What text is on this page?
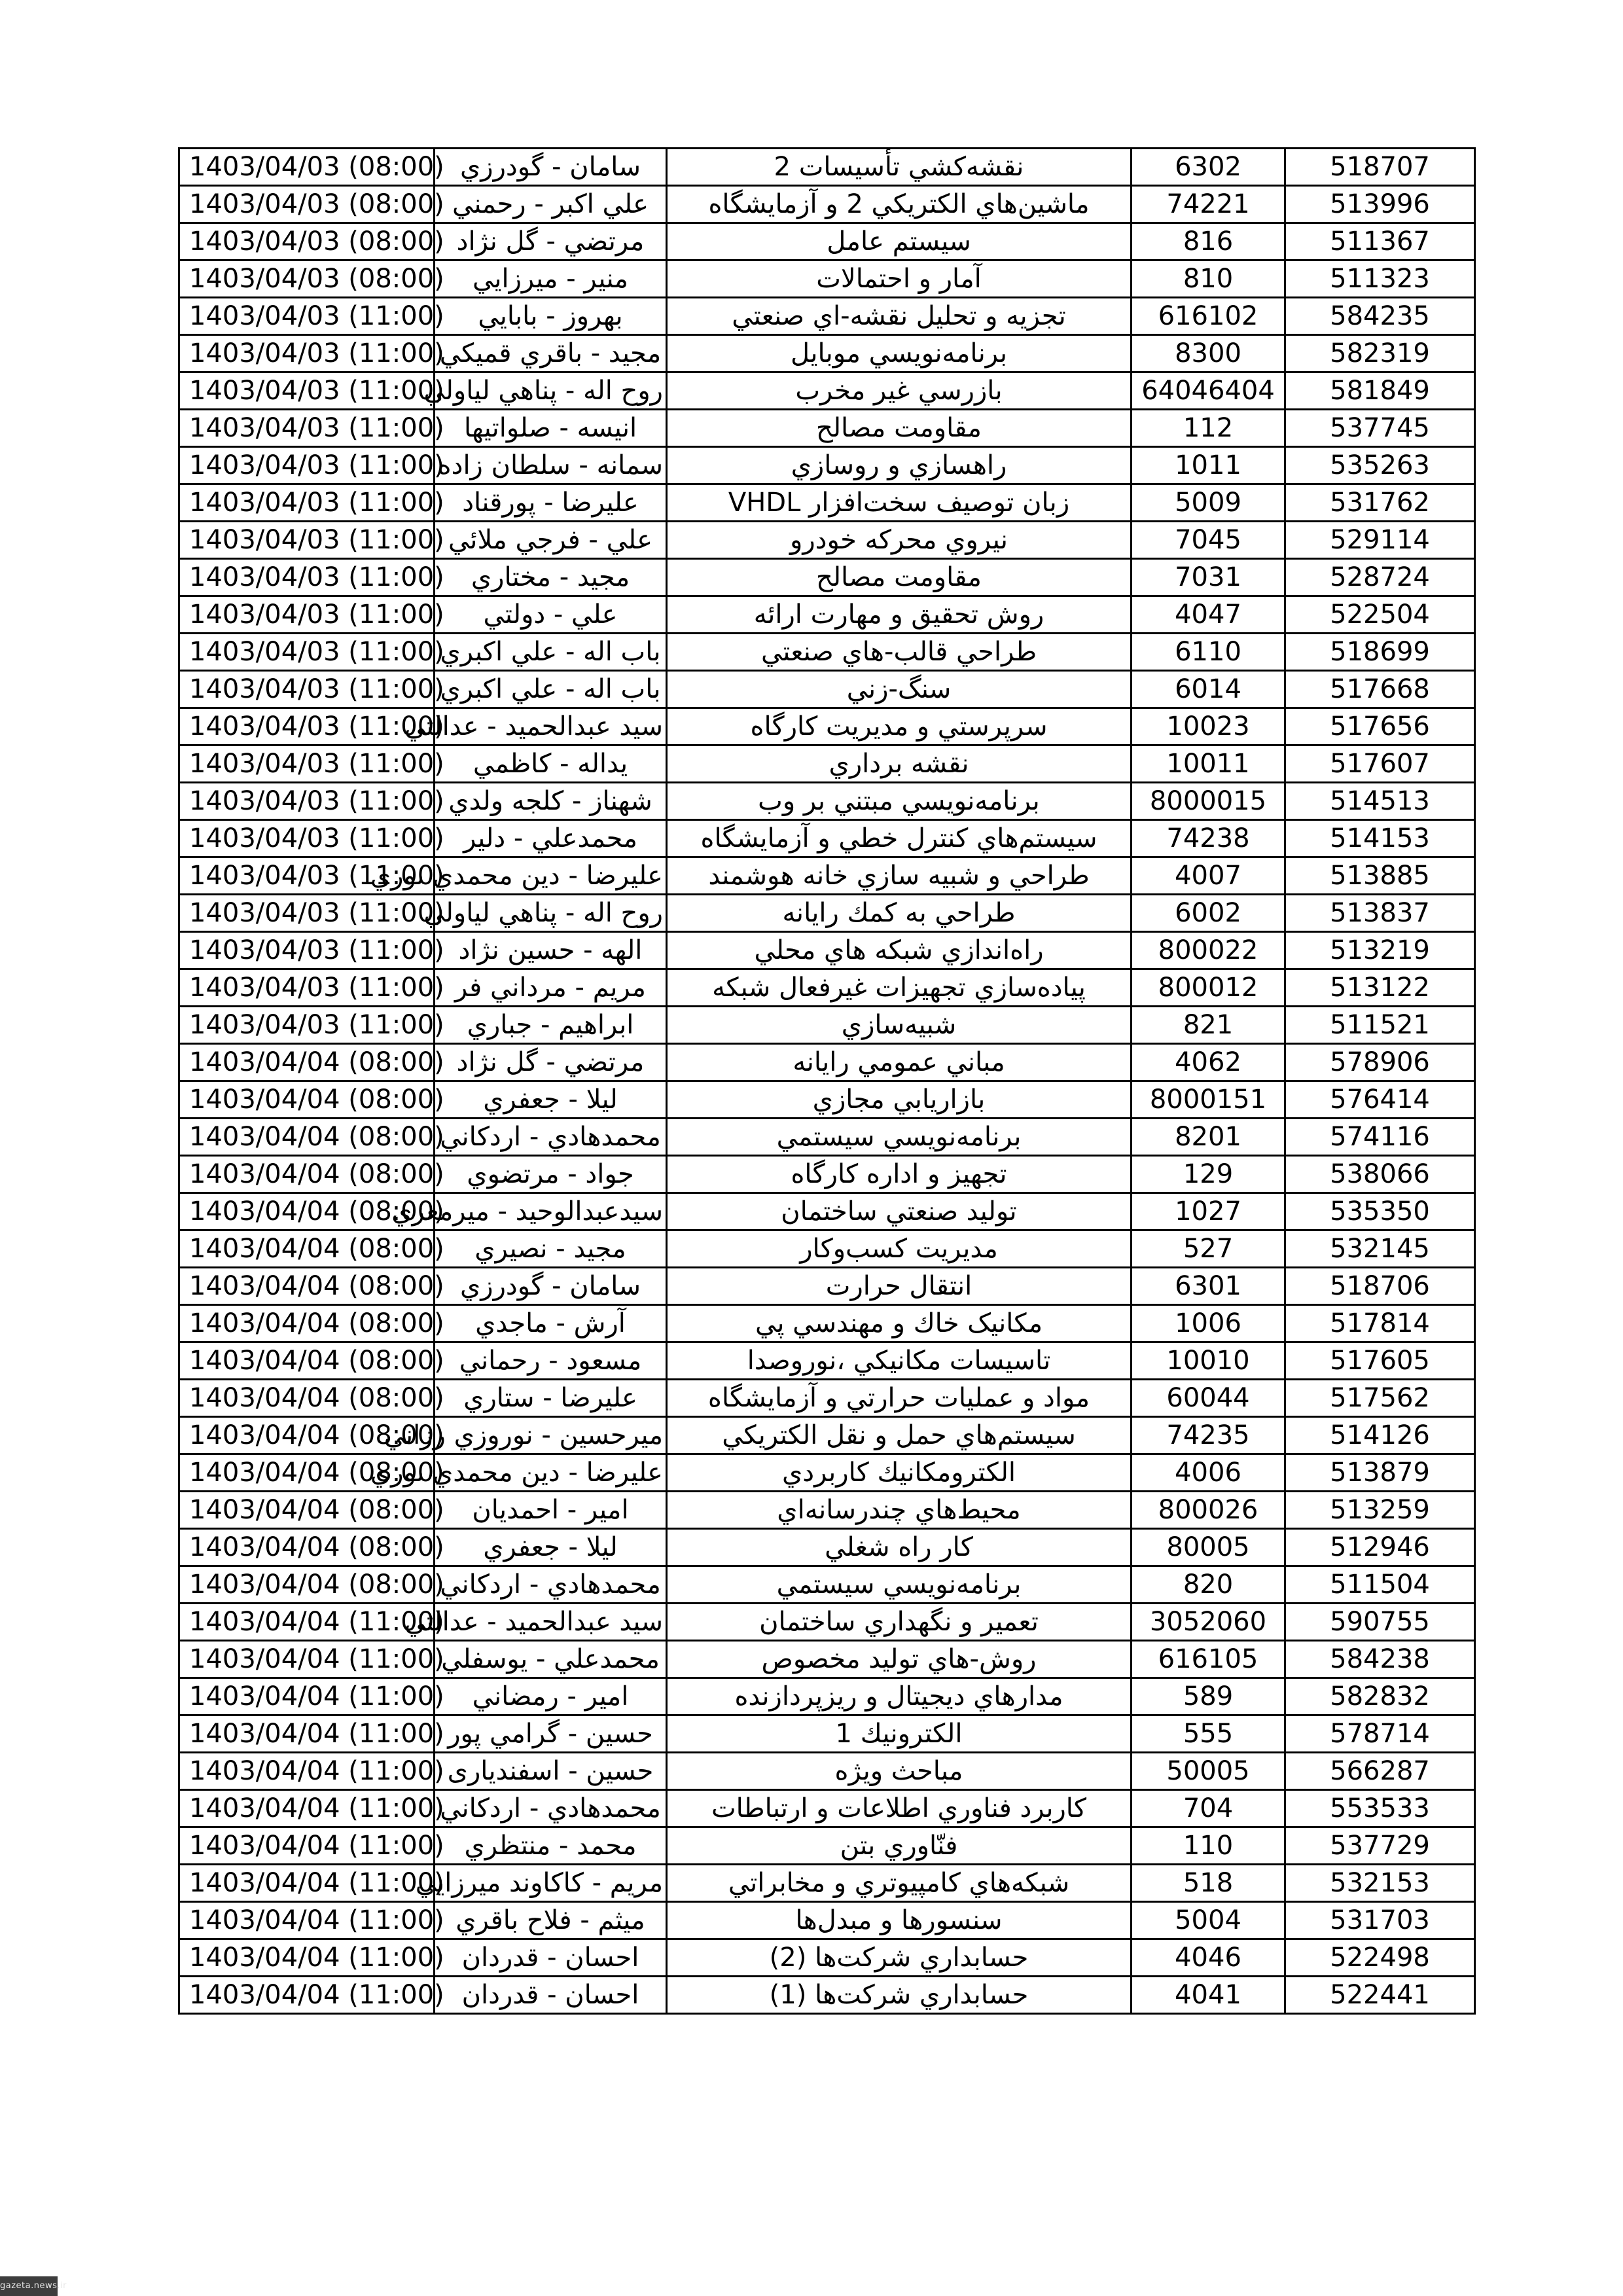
1403/04/03 (08:00)	سامان - گودرزي	نقشه‌کشي تأسيسات 2	6302	518707
1403/04/03 (08:00)	علي اکبر - رحمني	ماشين‌هاي الکتريکي 2 و آزمايشگاه	74221	513996
1403/04/03 (08:00)	مرتضي - گل نژاد	سيستم عامل	816	511367
1403/04/03 (08:00)	منير - ميرزايي	آمار و احتمالات	810	511323
1403/04/03 (11:00)	بهروز - بابايي	تجزيه و تحليل نقشه-اي صنعتي	616102	584235
1403/04/03 (11:00)	مجيد - باقري قميکي	برنامه‌نويسي موبايل	8300	582319
1403/04/03 (11:00)	روح اله - پناهي لياولي	بازرسي غير مخرب	64046404	581849
1403/04/03 (11:00)	انيسه - صلواتيها	مقاومت مصالح	112	537745
1403/04/03 (11:00)	سمانه - سلطان زاده	راهسازي و روسازي	1011	535263
1403/04/03 (11:00)	عليرضا - پورقناد	زبان توصيف سخت‌افزار VHDL	5009	531762
1403/04/03 (11:00)	علي - فرجي ملائي	نيروي محرکه خودرو	7045	529114
1403/04/03 (11:00)	مجيد - مختاري	مقاومت مصالح	7031	528724
1403/04/03 (11:00)	علي - دولتي	روش تحقيق و مهارت ارائه	4047	522504
1403/04/03 (11:00)	باب اله - علي اکبري	طراحي قالب-هاي صنعتي	6110	518699
1403/04/03 (11:00)	باب اله - علي اکبري	سنگ-زني	6014	517668
1403/04/03 (11:00)	سيد عبدالحميد - عدالتي	سرپرستي و مديريت کارگاه	10023	517656
1403/04/03 (11:00)	يداله - کاظمي	نقشه برداري	10011	517607
1403/04/03 (11:00)	شهناز - کلجه ولدي	برنامه‌نويسي مبتني بر وب	8000015	514513
1403/04/03 (11:00)	محمدعلي - دلير	سيستم‌هاي کنترل خطي و آزمايشگاه	74238	514153
1403/04/03 (11:00)	عليرضا - دين محمدي نوري	طراحي و شبيه سازي خانه هوشمند	4007	513885
1403/04/03 (11:00)	روح اله - پناهي لياولي	طراحي به کمك رايانه	6002	513837
1403/04/03 (11:00)	الهه - حسين نژاد	راه‌اندازي شبكه هاي محلي	800022	513219
1403/04/03 (11:00)	مريم - مرداني فر	پياده‌سازي تجهيزات غيرفعال شبکه	800012	513122
1403/04/03 (11:00)	ابراهيم - جباري	شبيه‌سازي	821	511521
1403/04/04 (08:00)	مرتضي - گل نژاد	مباني عمومي رايانه	4062	578906
1403/04/04 (08:00)	ليلا - جعفري	بازاريابي مجازي	8000151	576414
1403/04/04 (08:00)	محمدهادي - اردکاني	برنامه‌نويسي سيستمي	8201	574116
1403/04/04 (08:00)	جواد - مرتضوي	تجهيز و اداره کارگاه	129	538066
1403/04/04 (08:00)	سيدعبدالوحيد - ميرمعزي	توليد صنعتي ساختمان	1027	535350
1403/04/04 (08:00)	مجيد - نصيري	مديريت کسب‌وکار	527	532145
1403/04/04 (08:00)	سامان - گودرزي	انتقال حرارت	6301	518706
1403/04/04 (08:00)	آرش - ماجدي	مکانيک خاك و مهندسي پي	1006	517814
1403/04/04 (08:00)	مسعود - رحماني	تاسيسات مکانيکي ،نوروصدا	10010	517605
1403/04/04 (08:00)	عليرضا - ستاري	مواد و عمليات حرارتي و آزمايشگاه	60044	517562
1403/04/04 (08:00)	ميرحسين - نوروزي رزاني	سيستم‌هاي حمل و نقل الکتريکي	74235	514126
1403/04/04 (08:00)	عليرضا - دين محمدي نوري	الكترومكانيك كاربردي	4006	513879
1403/04/04 (08:00)	امير - احمديان	محيط‌هاي چندرسانه‌اي	800026	513259
1403/04/04 (08:00)	ليلا - جعفري	کار راه شغلي	80005	512946
1403/04/04 (08:00)	محمدهادي - اردکاني	برنامه‌نويسي سيستمي	820	511504
1403/04/04 (11:00)	سيد عبدالحميد - عدالتي	تعمير و نگهداري ساختمان	3052060	590755
1403/04/04 (11:00)	محمدعلي - يوسفلي	روش-هاي توليد مخصوص	616105	584238
1403/04/04 (11:00)	امير - رمضاني	مدارهاي ديجيتال و ريزپردازنده	589	582832
1403/04/04 (11:00)	حسين - گرامي پور	الکترونيك 1	555	578714
1403/04/04 (11:00)	حسين - اسفنديارى	مباحث ويژه	50005	566287
1403/04/04 (11:00)	محمدهادي - اردکاني	کاربرد فناوري اطلاعات و ارتباطات	704	553533
1403/04/04 (11:00)	محمد - منتظري	فنّاوري بتن	110	537729
1403/04/04 (11:00)	مريم - کاکاوند ميرزايي	شبکه‌هاي کامپيوتري و مخابراتي	518	532153
1403/04/04 (11:00)	ميثم - فلاح باقري	سنسورها و مبدل‌ها	5004	531703
1403/04/04 (11:00)	احسان - قدردان	حسابداري شرکت‌ها (2)	4046	522498
1403/04/04 (11:00)	احسان - قدردان	حسابداري شرکت‌ها (1)	4041	522441
gazeta.news.ir
